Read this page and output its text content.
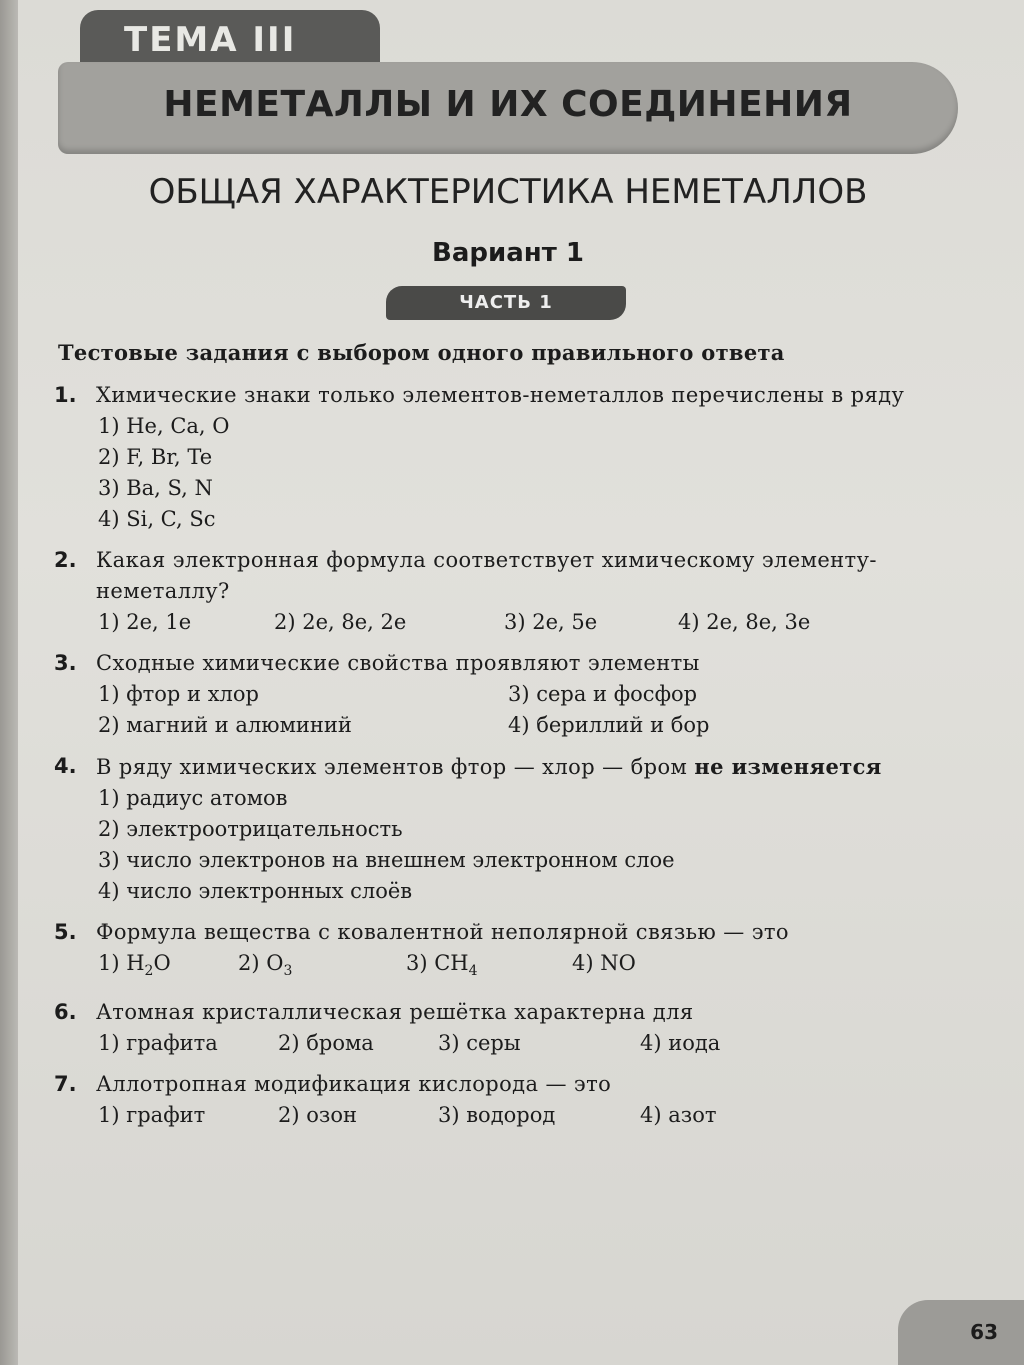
ТЕМА III
НЕМЕТАЛЛЫ И ИХ СОЕДИНЕНИЯ
ОБЩАЯ ХАРАКТЕРИСТИКА НЕМЕТАЛЛОВ
Вариант 1
ЧАСТЬ 1
Тестовые задания с выбором одного правильного ответа
1. Химические знаки только элементов-неметаллов перечислены в ряду
1) He, Ca, O
2) F, Br, Te
3) Ba, S, N
4) Si, C, Sc
2. Какая электронная формула соответствует химическому элементу-неметаллу?
1) 2e, 1e	2) 2e, 8e, 2e	3) 2e, 5e	4) 2e, 8e, 3e
3. Сходные химические свойства проявляют элементы
1) фтор и хлор	3) сера и фосфор
2) магний и алюминий	4) бериллий и бор
4. В ряду химических элементов фтор — хлор — бром не изменяется
1) радиус атомов
2) электроотрицательность
3) число электронов на внешнем электронном слое
4) число электронных слоёв
5. Формула вещества с ковалентной неполярной связью — это
1) $H_2O$	2) $O_3$	3) $CH_4$	4) NO
6. Атомная кристаллическая решётка характерна для
1) графита	2) брома	3) серы	4) иода
7. Аллотропная модификация кислорода — это
1) графит	2) озон	3) водород	4) азот
63
